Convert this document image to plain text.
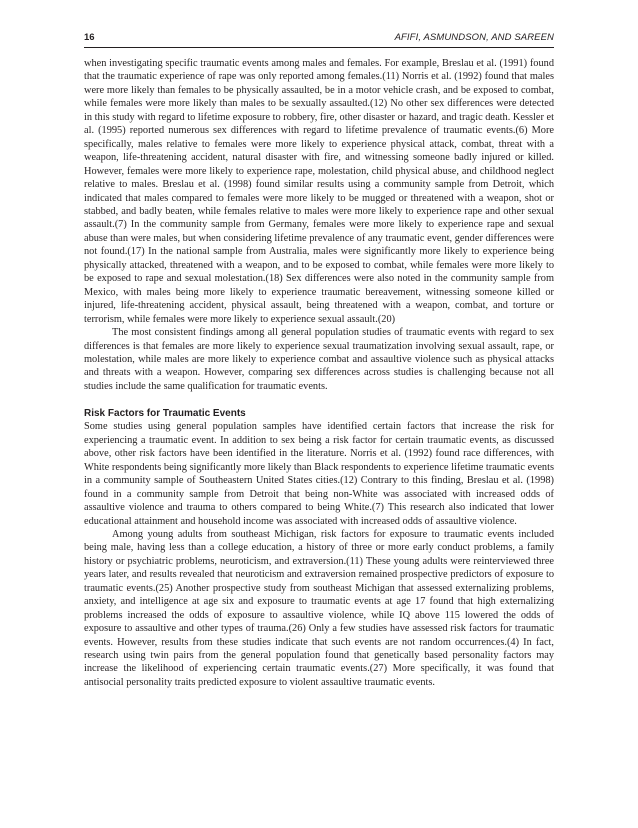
16	AFIFI, ASMUNDSON, AND SAREEN

when investigating specific traumatic events among males and females. For example, Breslau et al. (1991) found that the traumatic experience of rape was only reported among females.(11) Norris et al. (1992) found that males were more likely than females to be physically assaulted, be in a motor vehicle crash, and be exposed to combat, while females were more likely than males to be sexually assaulted.(12) No other sex differences were detected in this study with regard to lifetime exposure to robbery, fire, other disaster or hazard, and tragic death. Kessler et al. (1995) reported numerous sex differences with regard to lifetime prevalence of traumatic events.(6) More specifically, males relative to females were more likely to experience physical attack, combat, threat with a weapon, life-threatening accident, natural disaster with fire, and witnessing someone badly injured or killed. However, females were more likely to experience rape, molestation, child physical abuse, and childhood neglect relative to males. Breslau et al. (1998) found similar results using a community sample from Detroit, which indicated that males compared to females were more likely to be mugged or threatened with a weapon, shot or stabbed, and badly beaten, while females relative to males were more likely to experience rape and other sexual assault.(7) In the community sample from Germany, females were more likely to experience rape and sexual abuse than were males, but when considering lifetime prevalence of any traumatic event, gender differences were not found.(17) In the national sample from Australia, males were significantly more likely to experience being physically attacked, threatened with a weapon, and to be exposed to combat, while females were more likely to be exposed to rape and sexual molestation.(18) Sex differences were also noted in the community sample from Mexico, with males being more likely to experience traumatic bereavement, witnessing someone killed or injured, life-threatening accident, physical assault, being threatened with a weapon, combat, and torture or terrorism, while females were more likely to experience sexual assault.(20)

The most consistent findings among all general population studies of traumatic events with regard to sex differences is that females are more likely to experience sexual traumatization involving sexual assault, rape, or molestation, while males are more likely to experience combat and assaultive violence such as physical attacks and threats with a weapon. However, comparing sex differences across studies is challenging because not all studies include the same qualification for traumatic events.

Risk Factors for Traumatic Events

Some studies using general population samples have identified certain factors that increase the risk for experiencing a traumatic event. In addition to sex being a risk factor for certain traumatic events, as discussed above, other risk factors have been identified in the literature. Norris et al. (1992) found race differences, with White respondents being significantly more likely than Black respondents to experience lifetime traumatic events in a community sample of Southeastern United States cities.(12) Contrary to this finding, Breslau et al. (1998) found in a community sample from Detroit that being non-White was associated with increased odds of assaultive violence and trauma to others compared to being White.(7) This research also indicated that lower educational attainment and household income was associated with increased odds of assaultive violence.

Among young adults from southeast Michigan, risk factors for exposure to traumatic events included being male, having less than a college education, a history of three or more early conduct problems, a family history or psychiatric problems, neuroticism, and extraversion.(11) These young adults were reinterviewed three years later, and results revealed that neuroticism and extraversion remained prospective predictors of exposure to traumatic events.(25) Another prospective study from southeast Michigan that assessed externalizing problems, anxiety, and intelligence at age six and exposure to traumatic events at age 17 found that high externalizing problems increased the odds of exposure to assaultive violence, while IQ above 115 lowered the odds of exposure to assaultive and other types of trauma.(26) Only a few studies have assessed risk factors for traumatic events. However, results from these studies indicate that such events are not random occurrences.(4) In fact, research using twin pairs from the general population found that genetically based personality factors may increase the likelihood of experiencing certain traumatic events.(27) More specifically, it was found that antisocial personality traits predicted exposure to violent assaultive traumatic events.
